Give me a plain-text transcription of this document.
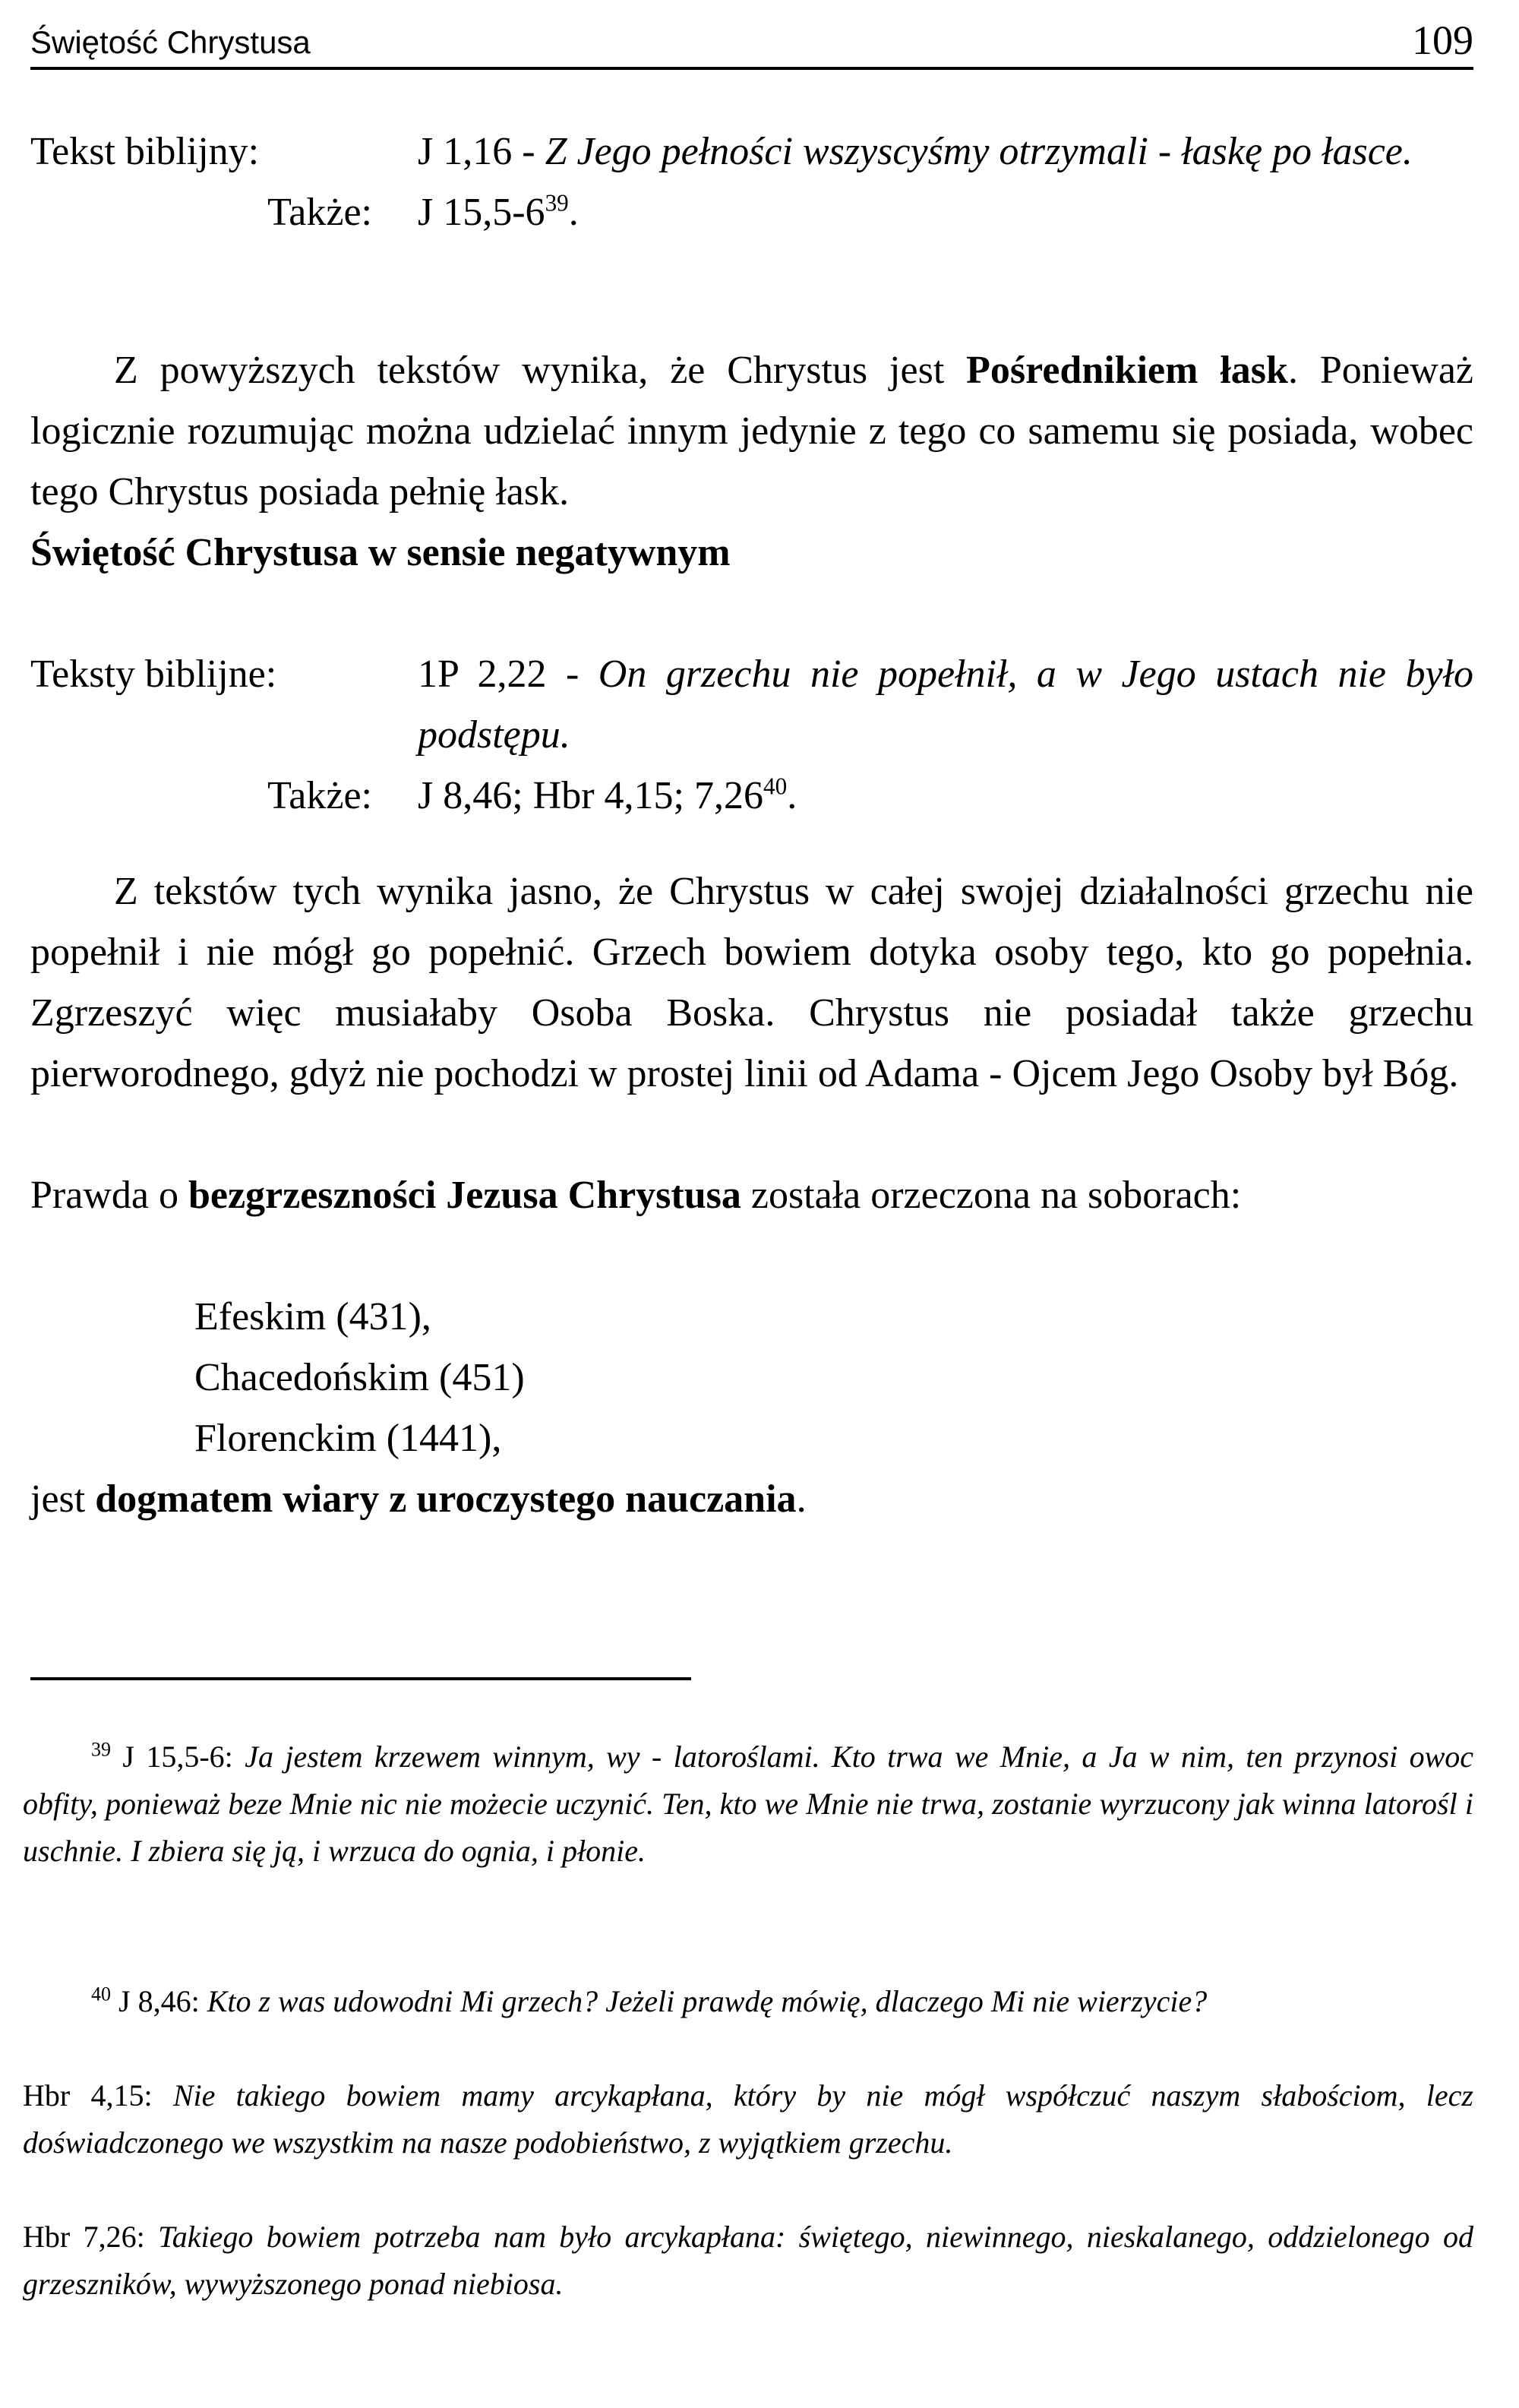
Świętość Chrystusa	109
Tekst biblijny:	J 1,16 - Z Jego pełności wszyscyśmy otrzymali - łaskę po łasce.
Także:	J $15,5-6^{39}$.
Z powyższych tekstów wynika, że Chrystus jest Pośrednikiem łask. Ponieważ logicznie rozumując można udzielać innym jedynie z tego co samemu się posiada, wobec tego Chrystus posiada pełnię łask.
Świętość Chrystusa w sensie negatywnym
Teksty biblijne:	1P 2,22 - On grzechu nie popełnił, a w Jego ustach nie było podstępu.
Także:	J 8,46; Hbr 4,15; 7,26$^{40}$.
Z tekstów tych wynika jasno, że Chrystus w całej swojej działalności grzechu nie popełnił i nie mógł go popełnić. Grzech bowiem dotyka osoby tego, kto go popełnia. Zgrzeszyć więc musiałaby Osoba Boska. Chrystus nie posiadał także grzechu pierworodnego, gdyż nie pochodzi w prostej linii od Adama - Ojcem Jego Osoby był Bóg.
Prawda o bezgrzeszności Jezusa Chrystusa została orzeczona na soborach:
Efeskim (431),
Chacedońskim (451)
Florenckim (1441),
jest dogmatem wiary z uroczystego nauczania.
$^{39}$ J 15,5-6: Ja jestem krzewem winnym, wy - latoroślami. Kto trwa we Mnie, a Ja w nim, ten przynosi owoc obfity, ponieważ beze Mnie nic nie możecie uczynić. Ten, kto we Mnie nie trwa, zostanie wyrzucony jak winna latorośl i uschnie. I zbiera się ją, i wrzuca do ognia, i płonie.
$^{40}$ J 8,46: Kto z was udowodni Mi grzech? Jeżeli prawdę mówię, dlaczego Mi nie wierzycie?
Hbr 4,15: Nie takiego bowiem mamy arcykapłana, który by nie mógł współczuć naszym słabościom, lecz doświadczonego we wszystkim na nasze podobieństwo, z wyjątkiem grzechu.
Hbr 7,26: Takiego bowiem potrzeba nam było arcykapłana: świętego, niewinnego, nieskalanego, oddzielonego od grzeszników, wywyższonego ponad niebiosa.
